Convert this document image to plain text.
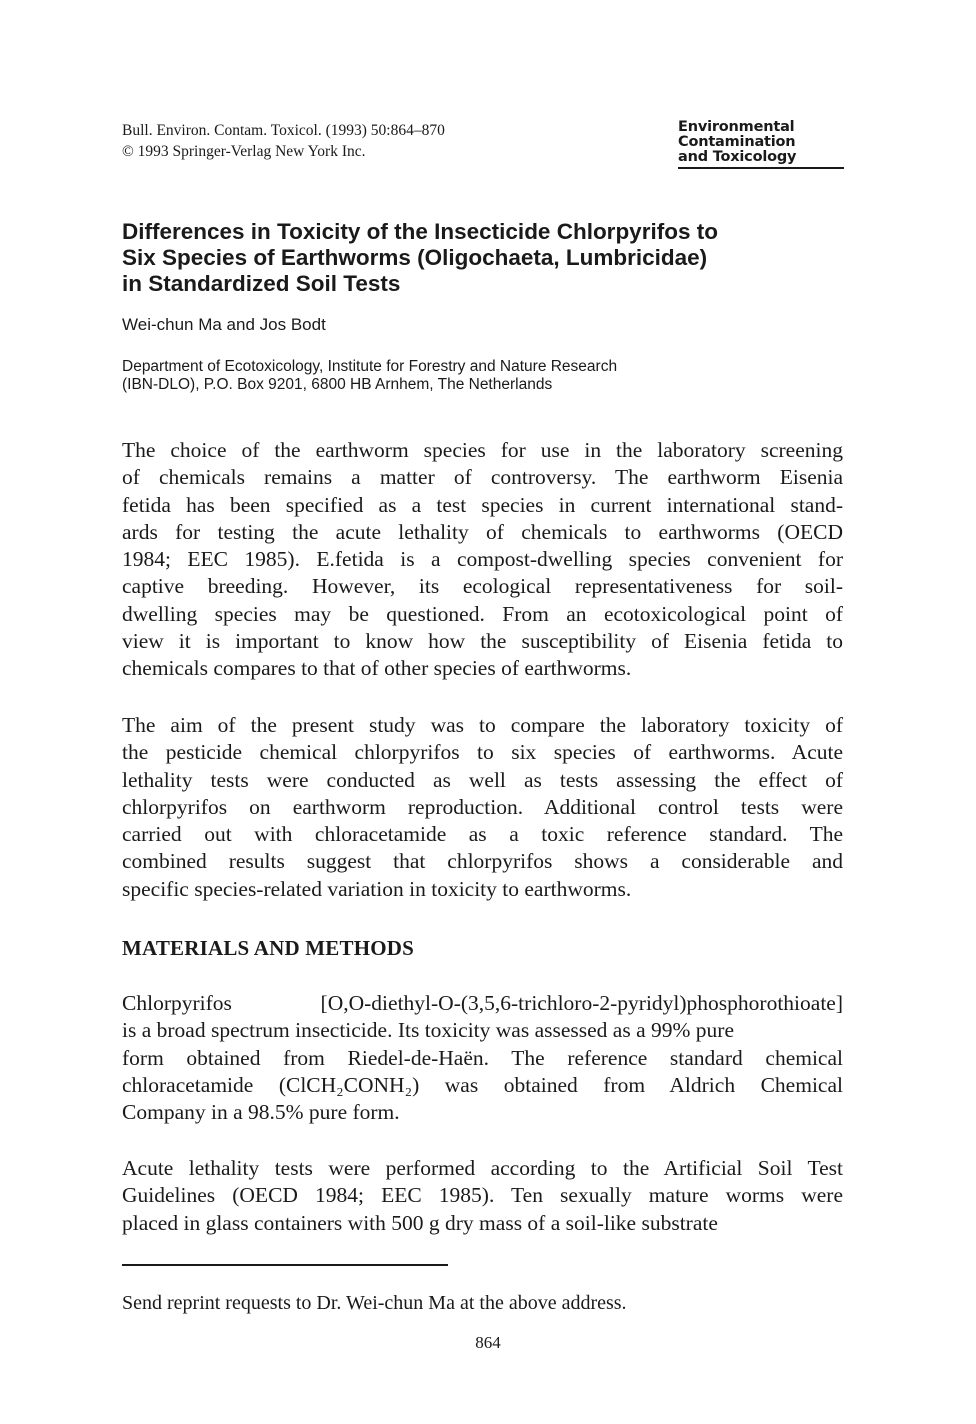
Bull. Environ. Contam. Toxicol. (1993) 50:864–870
© 1993 Springer-Verlag New York Inc.
Environmental
Contamination
and Toxicology
Differences in Toxicity of the Insecticide Chlorpyrifos to
Six Species of Earthworms (Oligochaeta, Lumbricidae)
in Standardized Soil Tests
Wei-chun Ma and Jos Bodt
Department of Ecotoxicology, Institute for Forestry and Nature Research
(IBN-DLO), P.O. Box 9201, 6800 HB Arnhem, The Netherlands
The choice of the earthworm species for use in the laboratory screening
of chemicals remains a matter of controversy. The earthworm Eisenia
fetida has been specified as a test species in current international stand-
ards for testing the acute lethality of chemicals to earthworms (OECD
1984; EEC 1985). E.fetida is a compost-dwelling species convenient for
captive breeding. However, its ecological representativeness for soil-
dwelling species may be questioned. From an ecotoxicological point of
view it is important to know how the susceptibility of Eisenia fetida to
chemicals compares to that of other species of earthworms.
The aim of the present study was to compare the laboratory toxicity of
the pesticide chemical chlorpyrifos to six species of earthworms. Acute
lethality tests were conducted as well as tests assessing the effect of
chlorpyrifos on earthworm reproduction. Additional control tests were
carried out with chloracetamide as a toxic reference standard. The
combined results suggest that chlorpyrifos shows a considerable and
specific species-related variation in toxicity to earthworms.
MATERIALS AND METHODS
Chlorpyrifos [O,O-diethyl-O-(3,5,6-trichloro-2-pyridyl)phosphorothioate]
is a broad spectrum insecticide. Its toxicity was assessed as a 99% pure
form obtained from Riedel-de-Haën. The reference standard chemical
chloracetamide (ClCH₂CONH₂) was obtained from Aldrich Chemical
Company in a 98.5% pure form.
Acute lethality tests were performed according to the Artificial Soil Test
Guidelines (OECD 1984; EEC 1985). Ten sexually mature worms were
placed in glass containers with 500 g dry mass of a soil-like substrate
Send reprint requests to Dr. Wei-chun Ma at the above address.
864
